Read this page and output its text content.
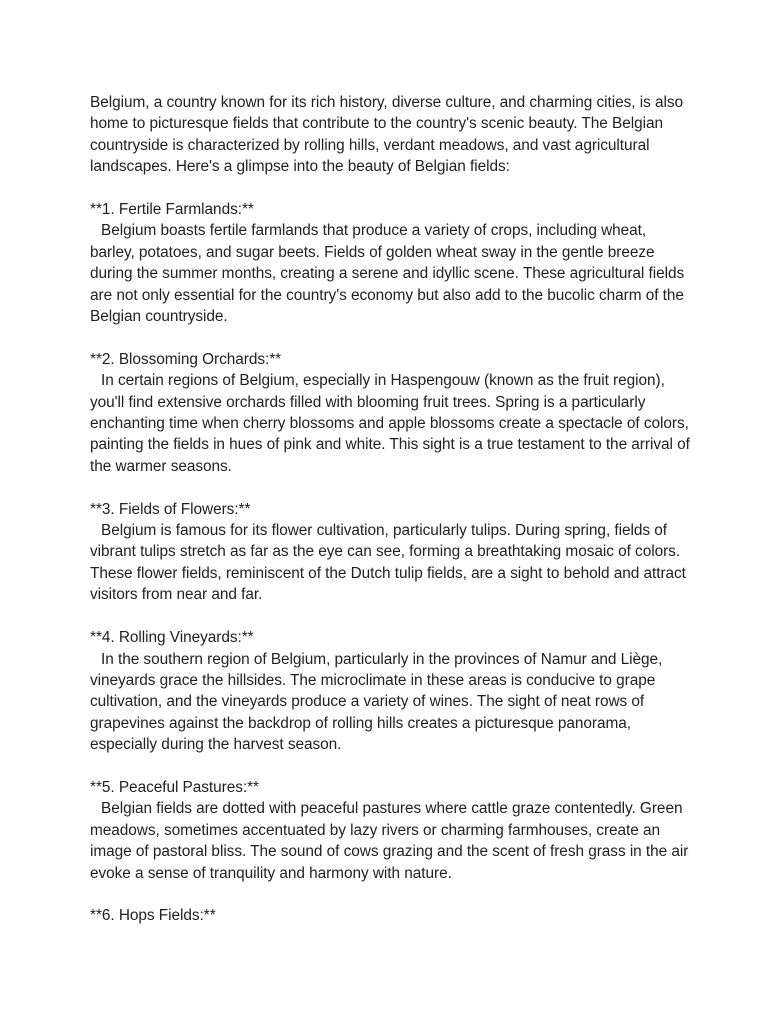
Belgium, a country known for its rich history, diverse culture, and charming cities, is also home to picturesque fields that contribute to the country's scenic beauty. The Belgian countryside is characterized by rolling hills, verdant meadows, and vast agricultural landscapes. Here's a glimpse into the beauty of Belgian fields:

**1. Fertile Farmlands:**
Belgium boasts fertile farmlands that produce a variety of crops, including wheat, barley, potatoes, and sugar beets. Fields of golden wheat sway in the gentle breeze during the summer months, creating a serene and idyllic scene. These agricultural fields are not only essential for the country's economy but also add to the bucolic charm of the Belgian countryside.
**2. Blossoming Orchards:**
In certain regions of Belgium, especially in Haspengouw (known as the fruit region), you'll find extensive orchards filled with blooming fruit trees. Spring is a particularly enchanting time when cherry blossoms and apple blossoms create a spectacle of colors, painting the fields in hues of pink and white. This sight is a true testament to the arrival of the warmer seasons.
**3. Fields of Flowers:**
Belgium is famous for its flower cultivation, particularly tulips. During spring, fields of vibrant tulips stretch as far as the eye can see, forming a breathtaking mosaic of colors. These flower fields, reminiscent of the Dutch tulip fields, are a sight to behold and attract visitors from near and far.
**4. Rolling Vineyards:**
In the southern region of Belgium, particularly in the provinces of Namur and Liège, vineyards grace the hillsides. The microclimate in these areas is conducive to grape cultivation, and the vineyards produce a variety of wines. The sight of neat rows of grapevines against the backdrop of rolling hills creates a picturesque panorama, especially during the harvest season.
**5. Peaceful Pastures:**
Belgian fields are dotted with peaceful pastures where cattle graze contentedly. Green meadows, sometimes accentuated by lazy rivers or charming farmhouses, create an image of pastoral bliss. The sound of cows grazing and the scent of fresh grass in the air evoke a sense of tranquility and harmony with nature.
**6. Hops Fields:**
